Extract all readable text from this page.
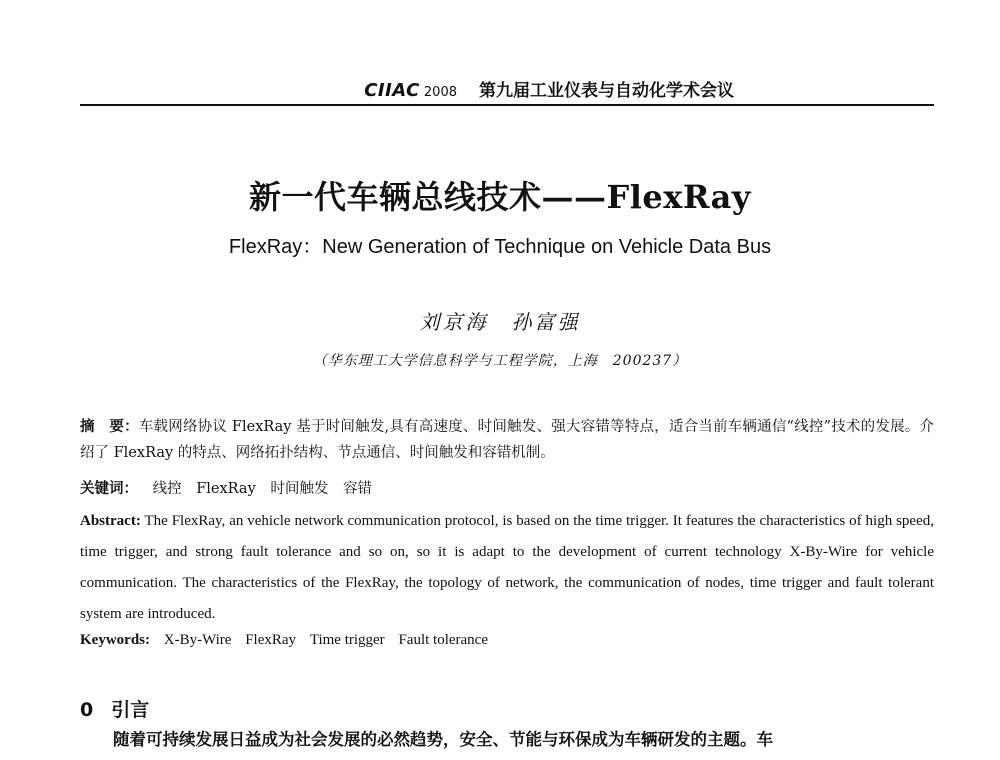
CIIAC 2008 第九届工业仪表与自动化学术会议
新一代车辆总线技术——FlexRay
FlexRay：New Generation of Technique on Vehicle Data Bus
刘京海　孙富强
（华东理工大学信息科学与工程学院，上海　200237）
摘　要：车载网络协议 FlexRay 基于时间触发,具有高速度、时间触发、强大容错等特点，适合当前车辆通信“线控”技术的发展。介绍了 FlexRay 的特点、网络拓扑结构、节点通信、时间触发和容错机制。
关键词： 线控 FlexRay 时间触发 容错
Abstract: The FlexRay, an vehicle network communication protocol, is based on the time trigger. It features the characteristics of high speed, time trigger, and strong fault tolerance and so on, so it is adapt to the development of current technology X-By-Wire for vehicle communication. The characteristics of the FlexRay, the topology of network, the communication of nodes, time trigger and fault tolerant system are introduced.
Keywords: X-By-Wire FlexRay Time trigger Fault tolerance
0 引言
随着可持续发展日益成为社会发展的必然趋势，安全、节能与环保成为车辆研发的主题。车
